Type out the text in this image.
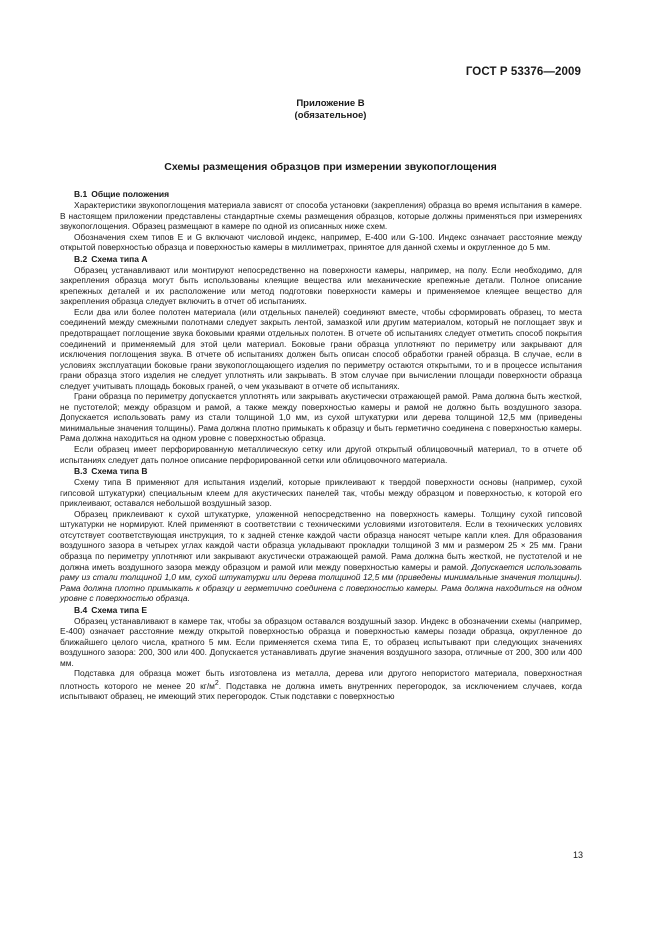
ГОСТ Р 53376—2009
Приложение В
(обязательное)
Схемы размещения образцов при измерении звукопоглощения
В.1 Общие положения

Характеристики звукопоглощения материала зависят от способа установки (закрепления) образца во время испытания в камере. В настоящем приложении представлены стандартные схемы размещения образцов, которые должны применяться при измерениях звукопоглощения. Образец размещают в камере по одной из описанных ниже схем.

Обозначения схем типов E и G включают числовой индекс, например, E-400 или G-100. Индекс означает расстояние между открытой поверхностью образца и поверхностью камеры в миллиметрах, принятое для данной схемы и округленное до 5 мм.

В.2 Схема типа A

Образец устанавливают или монтируют непосредственно на поверхности камеры, например, на полу. Если необходимо, для закрепления образца могут быть использованы клеящие вещества или механические крепежные детали. Полное описание крепежных деталей и их расположение или метод подготовки поверхности камеры и применяемое клеящее вещество для закрепления образца следует включить в отчет об испытаниях.

Если два или более полотен материала (или отдельных панелей) соединяют вместе, чтобы сформировать образец, то места соединений между смежными полотнами следует закрыть лентой, замазкой или другим материалом, который не поглощает звук и предотвращает поглощение звука боковыми краями отдельных полотен. В отчете об испытаниях следует отметить способ покрытия соединений и применяемый для этой цели материал. Боковые грани образца уплотняют по периметру или закрывают для исключения поглощения звука. В отчете об испытаниях должен быть описан способ обработки граней образца. В случае, если в условиях эксплуатации боковые грани звукопоглощающего изделия по периметру остаются открытыми, то и в процессе испытания грани образца этого изделия не следует уплотнять или закрывать. В этом случае при вычислении площади поверхности образца следует учитывать площадь боковых граней, о чем указывают в отчете об испытаниях.

Грани образца по периметру допускается уплотнять или закрывать акустически отражающей рамой. Рама должна быть жесткой, не пустотелой; между образцом и рамой, а также между поверхностью камеры и рамой не должно быть воздушного зазора. Допускается использовать раму из стали толщиной 1,0 мм, из сухой штукатурки или дерева толщиной 12,5 мм (приведены минимальные значения толщины). Рама должна плотно примыкать к образцу и быть герметично соединена с поверхностью камеры. Рама должна находиться на одном уровне с поверхностью образца.

Если образец имеет перфорированную металлическую сетку или другой открытый облицовочный материал, то в отчете об испытаниях следует дать полное описание перфорированной сетки или облицовочного материала.

В.3 Схема типа B

Схему типа B применяют для испытания изделий, которые приклеивают к твердой поверхности основы (например, сухой гипсовой штукатурки) специальным клеем для акустических панелей так, чтобы между образцом и поверхностью, к которой его приклеивают, оставался небольшой воздушный зазор.

Образец приклеивают к сухой штукатурке, уложенной непосредственно на поверхность камеры. Толщину сухой гипсовой штукатурки не нормируют. Клей применяют в соответствии с техническими условиями изготовителя. Если в технических условиях отсутствует соответствующая инструкция, то к задней стенке каждой части образца наносят четыре капли клея. Для образования воздушного зазора в четырех углах каждой части образца укладывают прокладки толщиной 3 мм и размером 25 × 25 мм. Грани образца по периметру уплотняют или закрывают акустически отражающей рамой. Рама должна быть жесткой, не пустотелой и не должна иметь воздушного зазора между образцом и рамой или между поверхностью камеры и рамой. Допускается использовать раму из стали толщиной 1,0 мм, сухой штукатурки или дерева толщиной 12,5 мм (приведены минимальные значения толщины). Рама должна плотно примыкать к образцу и герметично соединена с поверхностью камеры. Рама должна находиться на одном уровне с поверхностью образца.

В.4 Схема типа E

Образец устанавливают в камере так, чтобы за образцом оставался воздушный зазор. Индекс в обозначении схемы (например, E-400) означает расстояние между открытой поверхностью образца и поверхностью камеры позади образца, округленное до ближайшего целого числа, кратного 5 мм. Если применяется схема типа E, то образец испытывают при следующих значениях воздушного зазора: 200, 300 или 400. Допускается устанавливать другие значения воздушного зазора, отличные от 200, 300 или 400 мм.

Подставка для образца может быть изготовлена из металла, дерева или другого непористого материала, поверхностная плотность которого не менее 20 $кг/м^2$. Подставка не должна иметь внутренних перегородок, за исключением случаев, когда испытывают образец, не имеющий этих перегородок. Стык подставки с поверхностью

13
